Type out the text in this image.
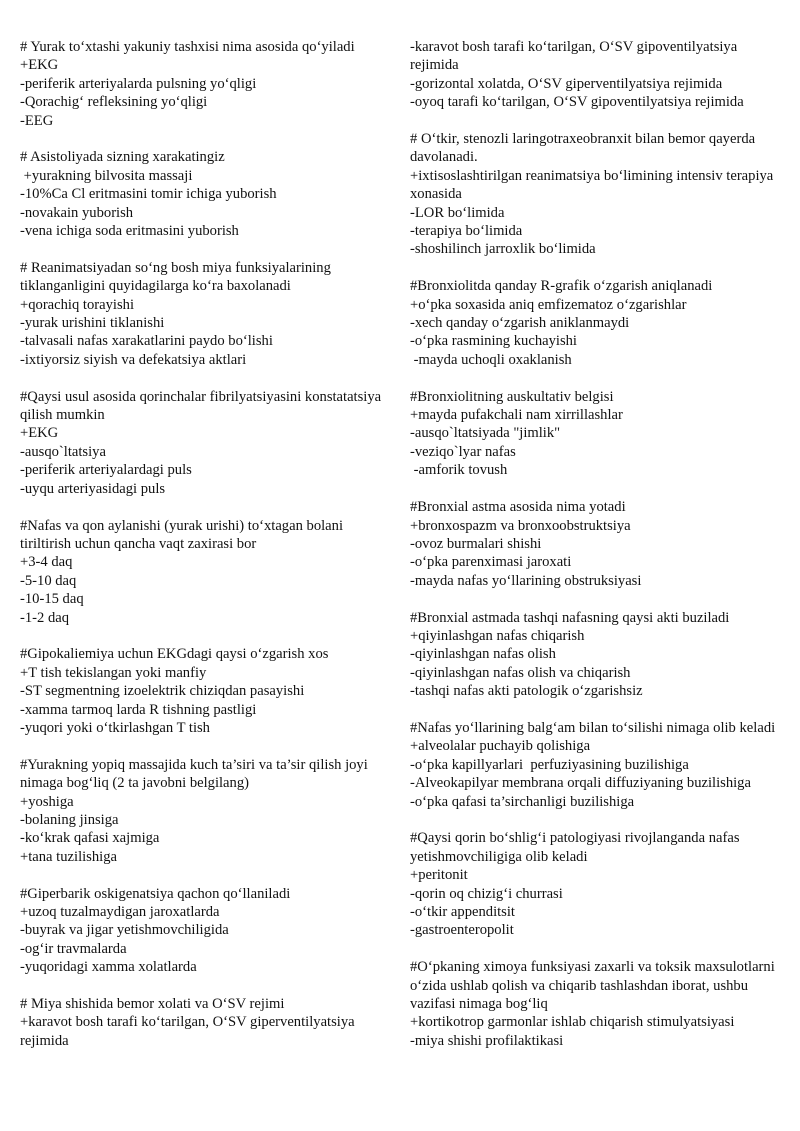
# Yurak to‘xtashi yakuniy tashxisi nima asosida qo‘yiladi
+EKG
-periferik arteriyalarda pulsning yo‘qligi
-Qorachig‘ refleksining yo‘qligi
-EEG
# Asistoliyada sizning xarakatingiz
+yurakning bilvosita massaji
-10%Ca Cl eritmasini tomir ichiga yuborish
-novakain yuborish
-vena ichiga soda eritmasini yuborish
# Reanimatsiyadan so‘ng bosh miya funksiyalarining tiklanganligini quyidagilarga ko‘ra baxolanadi
+qorachiq torayishi
-yurak urishini tiklanishi
-talvasali nafas xarakatlarini paydo bo‘lishi
-ixtiyorsiz siyish va defekatsiya aktlari
#Qaysi usul asosida qorinchalar fibrilyatsiyasini konstatatsiya qilish mumkin
+EKG
-ausqo`ltatsiya
-periferik arteriyalardagi puls
-uyqu arteriyasidagi puls
#Nafas va qon aylanishi (yurak urishi) to‘xtagan bolani tiriltirish uchun qancha vaqt zaxirasi bor
+3-4 daq
-5-10 daq
-10-15 daq
-1-2 daq
#Gipokaliemiya uchun EKGdagi qaysi o‘zgarish xos
+T tish tekislangan yoki manfiy
-ST segmentning izoelektrik chiziqdan pasayishi
-xamma tarmoq larda R tishning pastligi
-yuqori yoki o‘tkirlashgan T tish
#Yurakning yopiq massajida kuch ta’siri va ta’sir qilish joyi nimaga bog‘liq (2 ta javobni belgilang)
+yoshiga
-bolaning jinsiga
-ko‘krak qafasi xajmiga
+tana tuzilishiga
#Giperbarik oskigenatsiya qachon qo‘llaniladi
+uzoq tuzalmaydigan jaroxatlarda
-buyrak va jigar yetishmovchiligida
-og‘ir travmalarda
-yuqoridagi xamma xolatlarda
# Miya shishida bemor xolati va O‘SV rejimi
+karavot bosh tarafi ko‘tarilgan, O‘SV giperventilyatsiya rejimida
-karavot bosh tarafi ko‘tarilgan, O‘SV gipoventilyatsiya rejimida
-gorizontal xolatda, O‘SV giperventilyatsiya rejimida
-oyoq tarafi ko‘tarilgan, O‘SV gipoventilyatsiya rejimida
# O‘tkir, stenozli laringotraxeobranxit bilan bemor qayerda davolanadi.
+ixtisoslashtirilgan reanimatsiya bo‘limining intensiv terapiya xonasida
-LOR bo‘limida
-terapiya bo‘limida
-shoshilinch jarroxlik bo‘limida
#Bronxiolitda qanday R-grafik o‘zgarish aniqlanadi
+o‘pka soxasida aniq emfizematoz o‘zgarishlar
-xech qanday o‘zgarish aniklanmaydi
-o‘pka rasmining kuchayishi
-mayda uchoqli oxaklanish
#Bronxiolitning auskultativ belgisi
+mayda pufakchali nam xirrillashlar
-ausqo`ltatsiyada "jimlik"
-veziqo`lyar nafas
-amforik tovush
#Bronxial astma asosida nima yotadi
+bronxospazm va bronxoobstruktsiya
-ovoz burmalari shishi
-o‘pka parenximasi jaroxati
-mayda nafas yo‘llarining obstruksiyasi
#Bronxial astmada tashqi nafasning qaysi akti buziladi
+qiyinlashgan nafas chiqarish
-qiyinlashgan nafas olish
-qiyinlashgan nafas olish va chiqarish
-tashqi nafas akti patologik o‘zgarishsiz
#Nafas yo‘llarining balg‘am bilan to‘silishi nimaga olib keladi
+alveolalar puchayib qolishiga
-o‘pka kapillyarlari  perfuziyasining buzilishiga
-Alveokapilyar membrana orqali diffuziyaning buzilishiga
-o‘pka qafasi ta’sirchanligi buzilishiga
#Qaysi qorin bo‘shlig‘i patologiyasi rivojlanganda nafas yetishmovchiligiga olib keladi
+peritonit
-qorin oq chizig‘i churrasi
-o‘tkir appenditsit
-gastroenteropolit
#O‘pkaning ximoya funksiyasi zaxarli va toksik maxsulotlarni o‘zida ushlab qolish va chiqarib tashlashdan iborat, ushbu vazifasi nimaga bog‘liq
+kortikotrop garmonlar ishlab chiqarish stimulyatsiyasi
-miya shishi profilaktikasi
